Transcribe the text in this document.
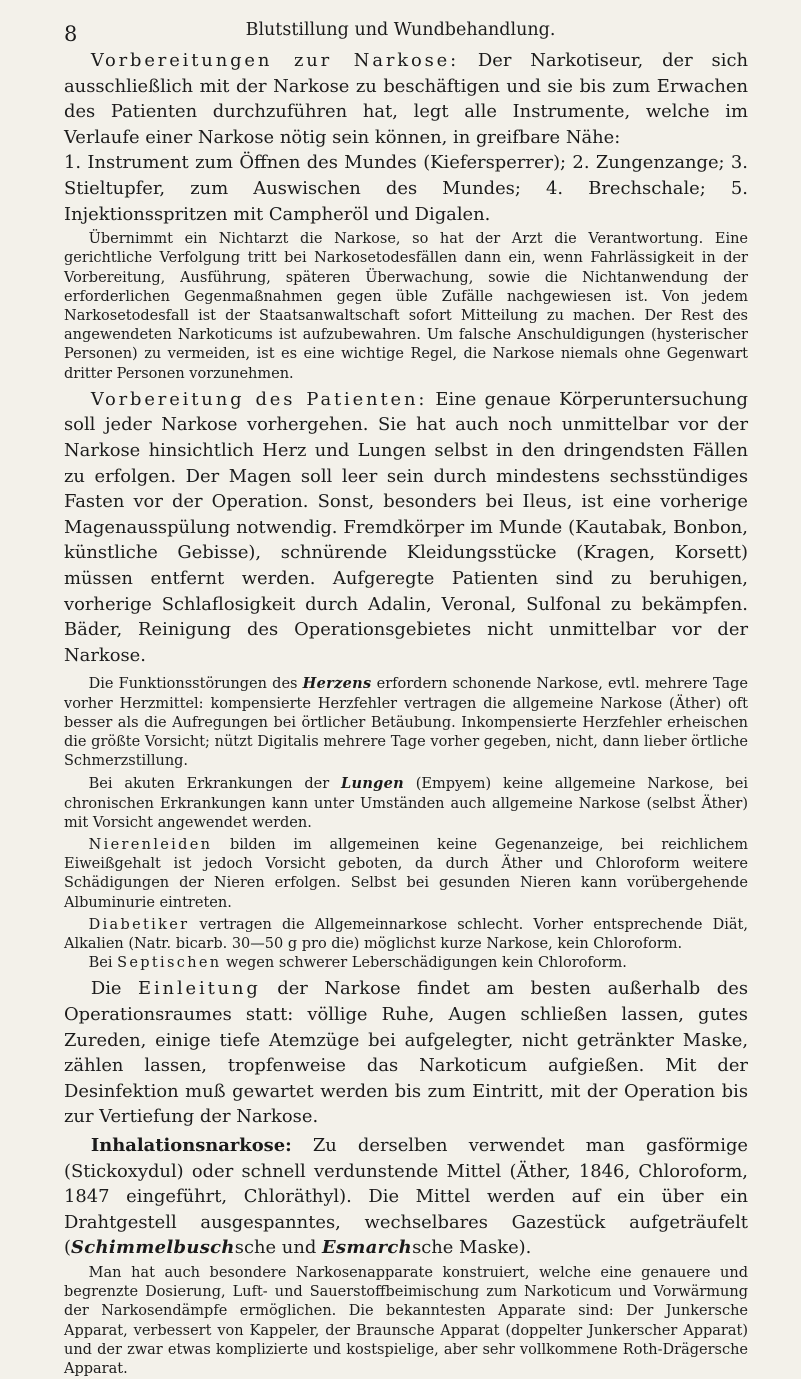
8	Blutstillung und Wundbehandlung.

Vorbereitungen zur Narkose: Der Narkotiseur, der sich ausschließlich mit der Narkose zu beschäftigen und sie bis zum Erwachen des Patienten durchzuführen hat, legt alle Instrumente, welche im Verlaufe einer Narkose nötig sein können, in greifbare Nähe:

1. Instrument zum Öffnen des Mundes (Kiefersperrer); 2. Zungenzange; 3. Stieltupfer, zum Auswischen des Mundes; 4. Brechschale; 5. Injektionsspritzen mit Campheröl und Digalen.

Übernimmt ein Nichtarzt die Narkose, so hat der Arzt die Verantwortung. Eine gerichtliche Verfolgung tritt bei Narkosetodesfällen dann ein, wenn Fahrlässigkeit in der Vorbereitung, Ausführung, späteren Überwachung, sowie die Nichtanwendung der erforderlichen Gegenmaßnahmen gegen üble Zufälle nachgewiesen ist. Von jedem Narkosetodesfall ist der Staatsanwaltschaft sofort Mitteilung zu machen. Der Rest des angewendeten Narkoticums ist aufzubewahren. Um falsche Anschuldigungen (hysterischer Personen) zu vermeiden, ist es eine wichtige Regel, die Narkose niemals ohne Gegenwart dritter Personen vorzunehmen.

Vorbereitung des Patienten: Eine genaue Körperuntersuchung soll jeder Narkose vorhergehen. Sie hat auch noch unmittelbar vor der Narkose hinsichtlich Herz und Lungen selbst in den dringendsten Fällen zu erfolgen. Der Magen soll leer sein durch mindestens sechsstündiges Fasten vor der Operation. Sonst, besonders bei Ileus, ist eine vorherige Magenausspülung notwendig. Fremdkörper im Munde (Kautabak, Bonbon, künstliche Gebisse), schnürende Kleidungsstücke (Kragen, Korsett) müssen entfernt werden. Aufgeregte Patienten sind zu beruhigen, vorherige Schlaflosigkeit durch Adalin, Veronal, Sulfonal zu bekämpfen. Bäder, Reinigung des Operationsgebietes nicht unmittelbar vor der Narkose.

Die Funktionsstörungen des Herzens erfordern schonende Narkose, evtl. mehrere Tage vorher Herzmittel: kompensierte Herzfehler vertragen die allgemeine Narkose (Äther) oft besser als die Aufregungen bei örtlicher Betäubung. Inkompensierte Herzfehler erheischen die größte Vorsicht; nützt Digitalis mehrere Tage vorher gegeben, nicht, dann lieber örtliche Schmerzstillung.

Bei akuten Erkrankungen der Lungen (Empyem) keine allgemeine Narkose, bei chronischen Erkrankungen kann unter Umständen auch allgemeine Narkose (selbst Äther) mit Vorsicht angewendet werden.

Nierenleiden bilden im allgemeinen keine Gegenanzeige, bei reichlichem Eiweißgehalt ist jedoch Vorsicht geboten, da durch Äther und Chloroform weitere Schädigungen der Nieren erfolgen. Selbst bei gesunden Nieren kann vorübergehende Albuminurie eintreten.

Diabetiker vertragen die Allgemeinnarkose schlecht. Vorher entsprechende Diät, Alkalien (Natr. bicarb. 30—50 g pro die) möglichst kurze Narkose, kein Chloroform.

Bei Septischen wegen schwerer Leberschädigungen kein Chloroform.

Die Einleitung der Narkose findet am besten außerhalb des Operationsraumes statt: völlige Ruhe, Augen schließen lassen, gutes Zureden, einige tiefe Atemzüge bei aufgelegter, nicht getränkter Maske, zählen lassen, tropfenweise das Narkoticum aufgießen. Mit der Desinfektion muß gewartet werden bis zum Eintritt, mit der Operation bis zur Vertiefung der Narkose.

Inhalationsnarkose: Zu derselben verwendet man gasförmige (Stickoxydul) oder schnell verdunstende Mittel (Äther, 1846, Chloroform, 1847 eingeführt, Chloräthyl). Die Mittel werden auf ein über ein Drahtgestell ausgespanntes, wechselbares Gazestück aufgeträufelt (Schimmelbuschsche und Esmarchsche Maske).

Man hat auch besondere Narkosenapparate konstruiert, welche eine genauere und begrenzte Dosierung, Luft- und Sauerstoffbeimischung zum Narkoticum und Vorwärmung der Narkosendämpfe ermöglichen. Die bekanntesten Apparate sind: Der Junkersche Apparat, verbessert von Kappeler, der Braunsche Apparat (doppelter Junkerscher Apparat) und der zwar etwas komplizierte und kostspielige, aber sehr vollkommene Roth-Drägersche Apparat.
